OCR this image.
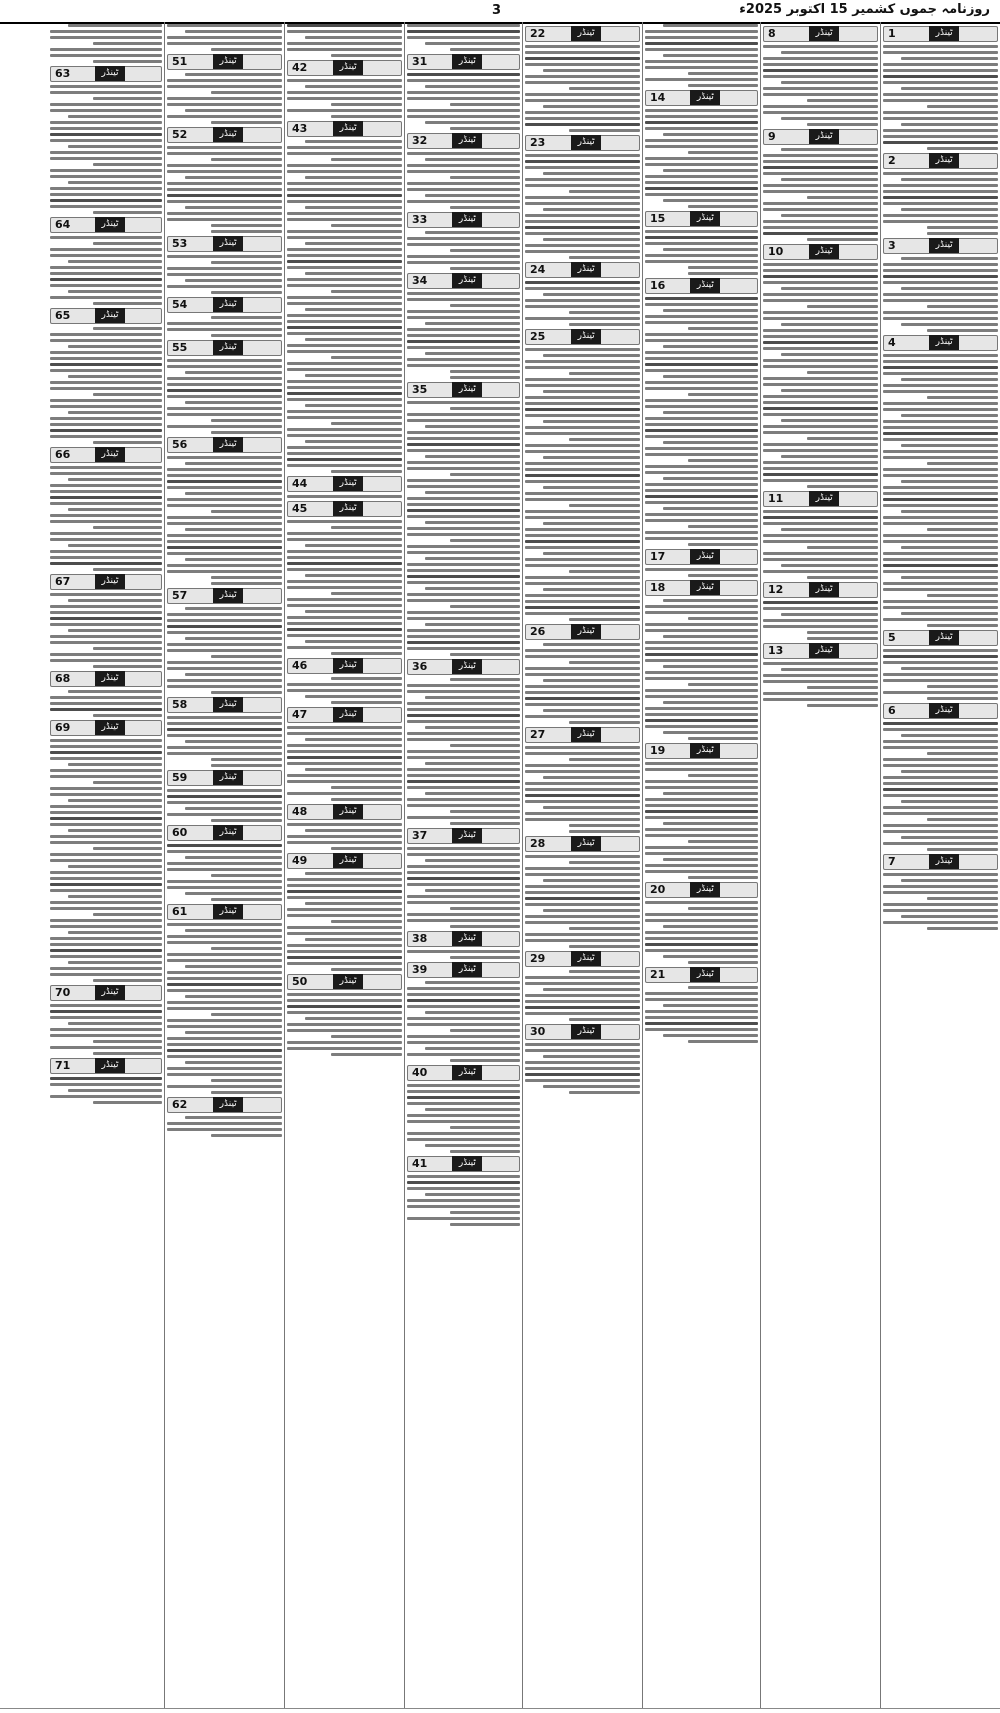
روزنامہ جموں کشمیر 15 اکتوبر 2025ء
3
1	ٹینڈر
2	ٹینڈر
3	ٹینڈر
4	ٹینڈر
5	ٹینڈر
6	ٹینڈر
7	ٹینڈر
8	ٹینڈر
9	ٹینڈر
10	ٹینڈر
11	ٹینڈر
12	ٹینڈر
13	ٹینڈر
14	ٹینڈر
15	ٹینڈر
16	ٹینڈر
17	ٹینڈر
18	ٹینڈر
19	ٹینڈر
20	ٹینڈر
21	ٹینڈر
22	ٹینڈر
23	ٹینڈر
24	ٹینڈر
25	ٹینڈر
26	ٹینڈر
27	ٹینڈر
28	ٹینڈر
29	ٹینڈر
30	ٹینڈر
31	ٹینڈر
32	ٹینڈر
33	ٹینڈر
34	ٹینڈر
35	ٹینڈر
36	ٹینڈر
37	ٹینڈر
38	ٹینڈر
39	ٹینڈر
40	ٹینڈر
41	ٹینڈر
42	ٹینڈر
43	ٹینڈر
44	ٹینڈر
45	ٹینڈر
46	ٹینڈر
47	ٹینڈر
48	ٹینڈر
49	ٹینڈر
50	ٹینڈر
51	ٹینڈر
52	ٹینڈر
53	ٹینڈر
54	ٹینڈر
55	ٹینڈر
56	ٹینڈر
57	ٹینڈر
58	ٹینڈر
59	ٹینڈر
60	ٹینڈر
61	ٹینڈر
62	ٹینڈر
63	ٹینڈر
64	ٹینڈر
65	ٹینڈر
66	ٹینڈر
67	ٹینڈر
68	ٹینڈر
69	ٹینڈر
70	ٹینڈر
71	ٹینڈر
